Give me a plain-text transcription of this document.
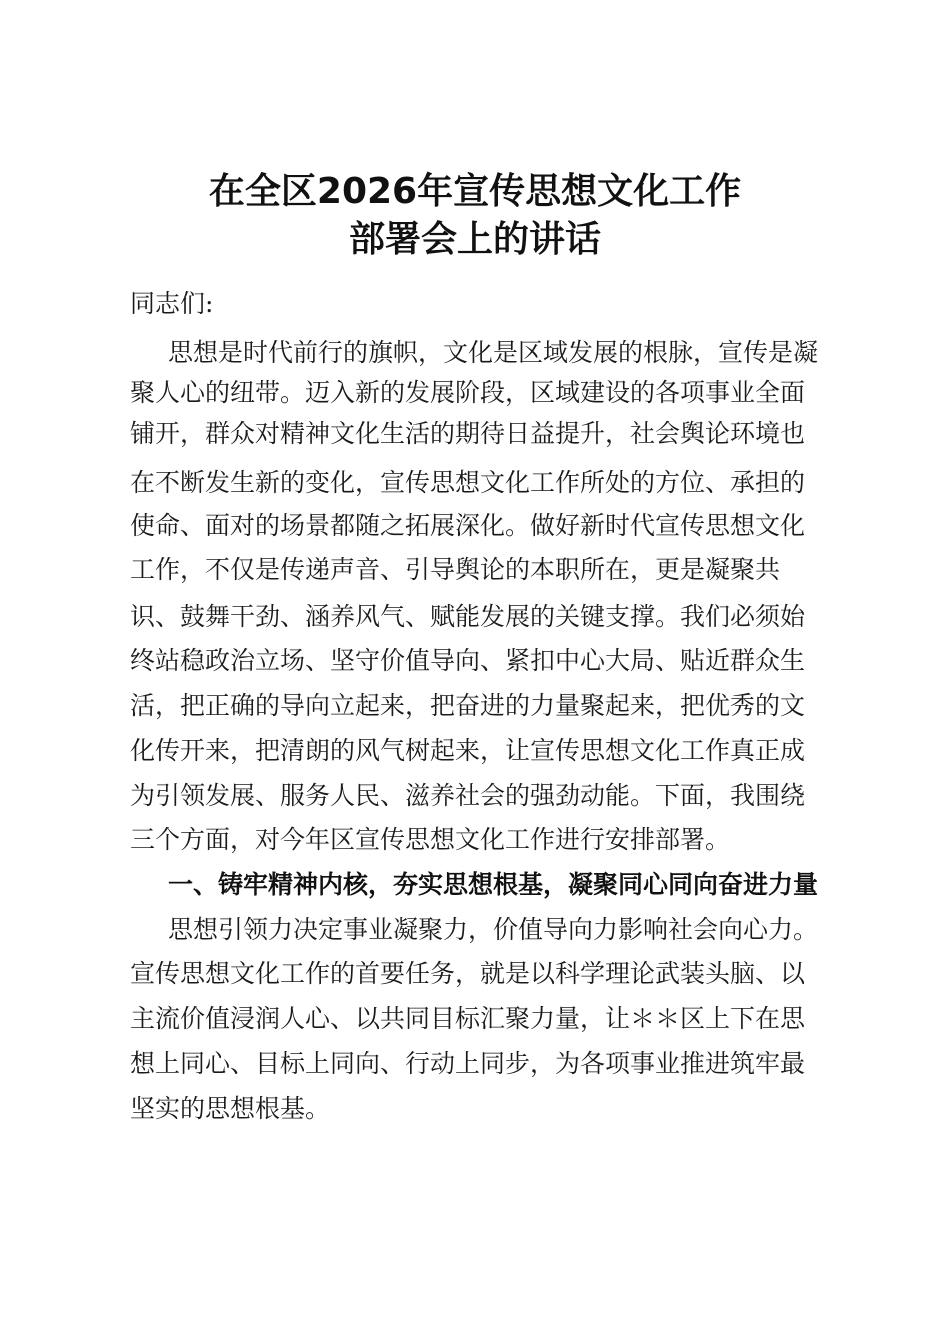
在全区2026年宣传思想文化工作
部署会上的讲话
同志们:
思想是时代前行的旗帜，文化是区域发展的根脉，宣传是凝
聚人心的纽带。迈入新的发展阶段，区域建设的各项事业全面
铺开，群众对精神文化生活的期待日益提升，社会舆论环境也
在不断发生新的变化，宣传思想文化工作所处的方位、承担的
使命、面对的场景都随之拓展深化。做好新时代宣传思想文化
工作，不仅是传递声音、引导舆论的本职所在，更是凝聚共
识、鼓舞干劲、涵养风气、赋能发展的关键支撑。我们必须始
终站稳政治立场、坚守价值导向、紧扣中心大局、贴近群众生
活，把正确的导向立起来，把奋进的力量聚起来，把优秀的文
化传开来，把清朗的风气树起来，让宣传思想文化工作真正成
为引领发展、服务人民、滋养社会的强劲动能。下面，我围绕
三个方面，对今年区宣传思想文化工作进行安排部署。
一、铸牢精神内核，夯实思想根基，凝聚同心同向奋进力量
思想引领力决定事业凝聚力，价值导向力影响社会向心力。
宣传思想文化工作的首要任务，就是以科学理论武装头脑、以
主流价值浸润人心、以共同目标汇聚力量，让＊＊区上下在思
想上同心、目标上同向、行动上同步，为各项事业推进筑牢最
坚实的思想根基。
